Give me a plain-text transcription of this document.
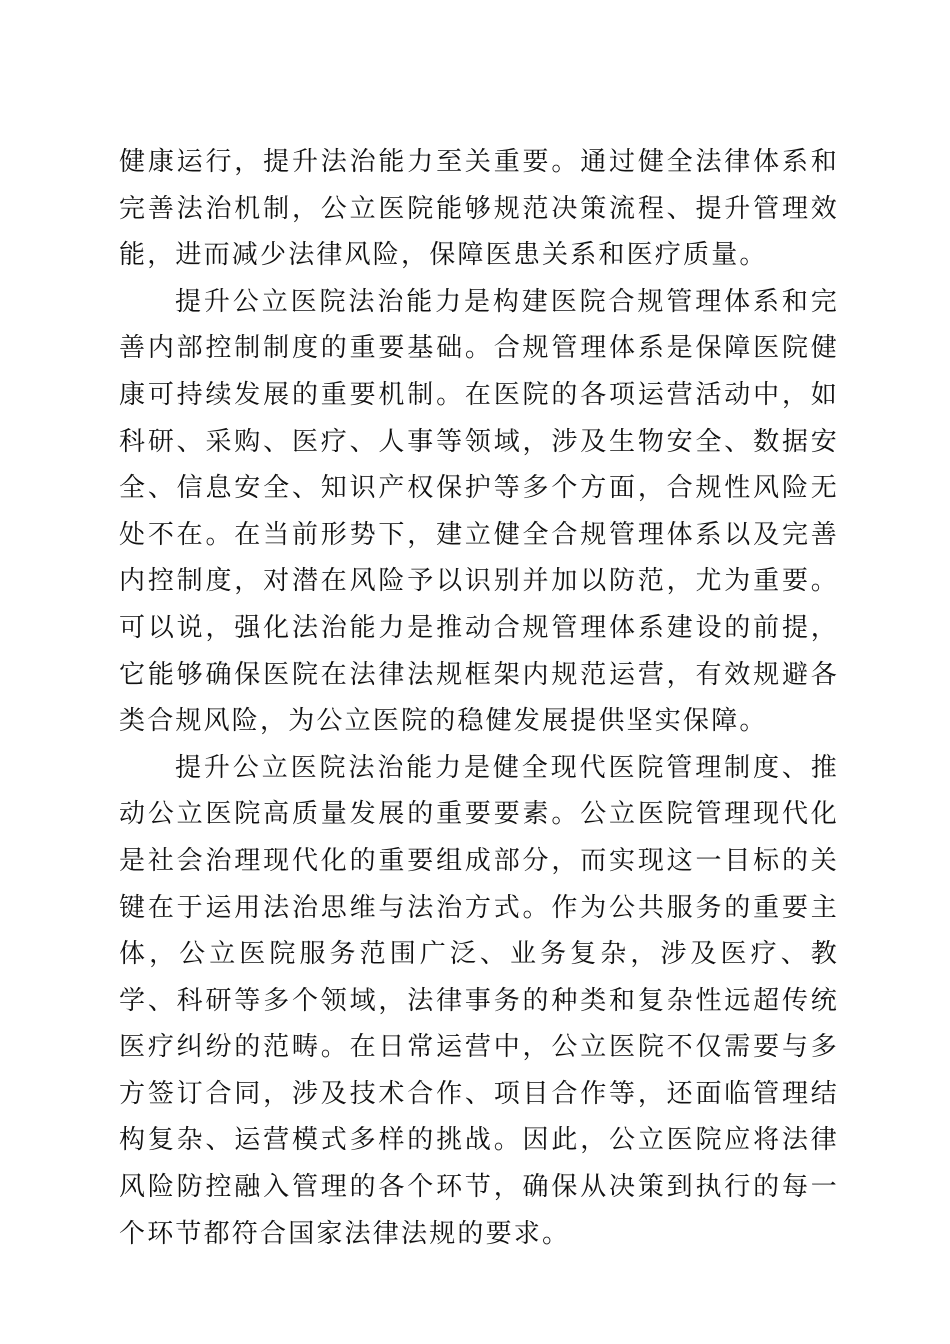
健康运行，提升法治能力至关重要。通过健全法律体系和完善法治机制，公立医院能够规范决策流程、提升管理效能，进而减少法律风险，保障医患关系和医疗质量。

提升公立医院法治能力是构建医院合规管理体系和完善内部控制制度的重要基础。合规管理体系是保障医院健康可持续发展的重要机制。在医院的各项运营活动中，如科研、采购、医疗、人事等领域，涉及生物安全、数据安全、信息安全、知识产权保护等多个方面，合规性风险无处不在。在当前形势下，建立健全合规管理体系以及完善内控制度，对潜在风险予以识别并加以防范，尤为重要。可以说，强化法治能力是推动合规管理体系建设的前提，它能够确保医院在法律法规框架内规范运营，有效规避各类合规风险，为公立医院的稳健发展提供坚实保障。

提升公立医院法治能力是健全现代医院管理制度、推动公立医院高质量发展的重要要素。公立医院管理现代化是社会治理现代化的重要组成部分，而实现这一目标的关键在于运用法治思维与法治方式。作为公共服务的重要主体，公立医院服务范围广泛、业务复杂，涉及医疗、教学、科研等多个领域，法律事务的种类和复杂性远超传统医疗纠纷的范畴。在日常运营中，公立医院不仅需要与多方签订合同，涉及技术合作、项目合作等，还面临管理结构复杂、运营模式多样的挑战。因此，公立医院应将法律风险防控融入管理的各个环节，确保从决策到执行的每一个环节都符合国家法律法规的要求。
